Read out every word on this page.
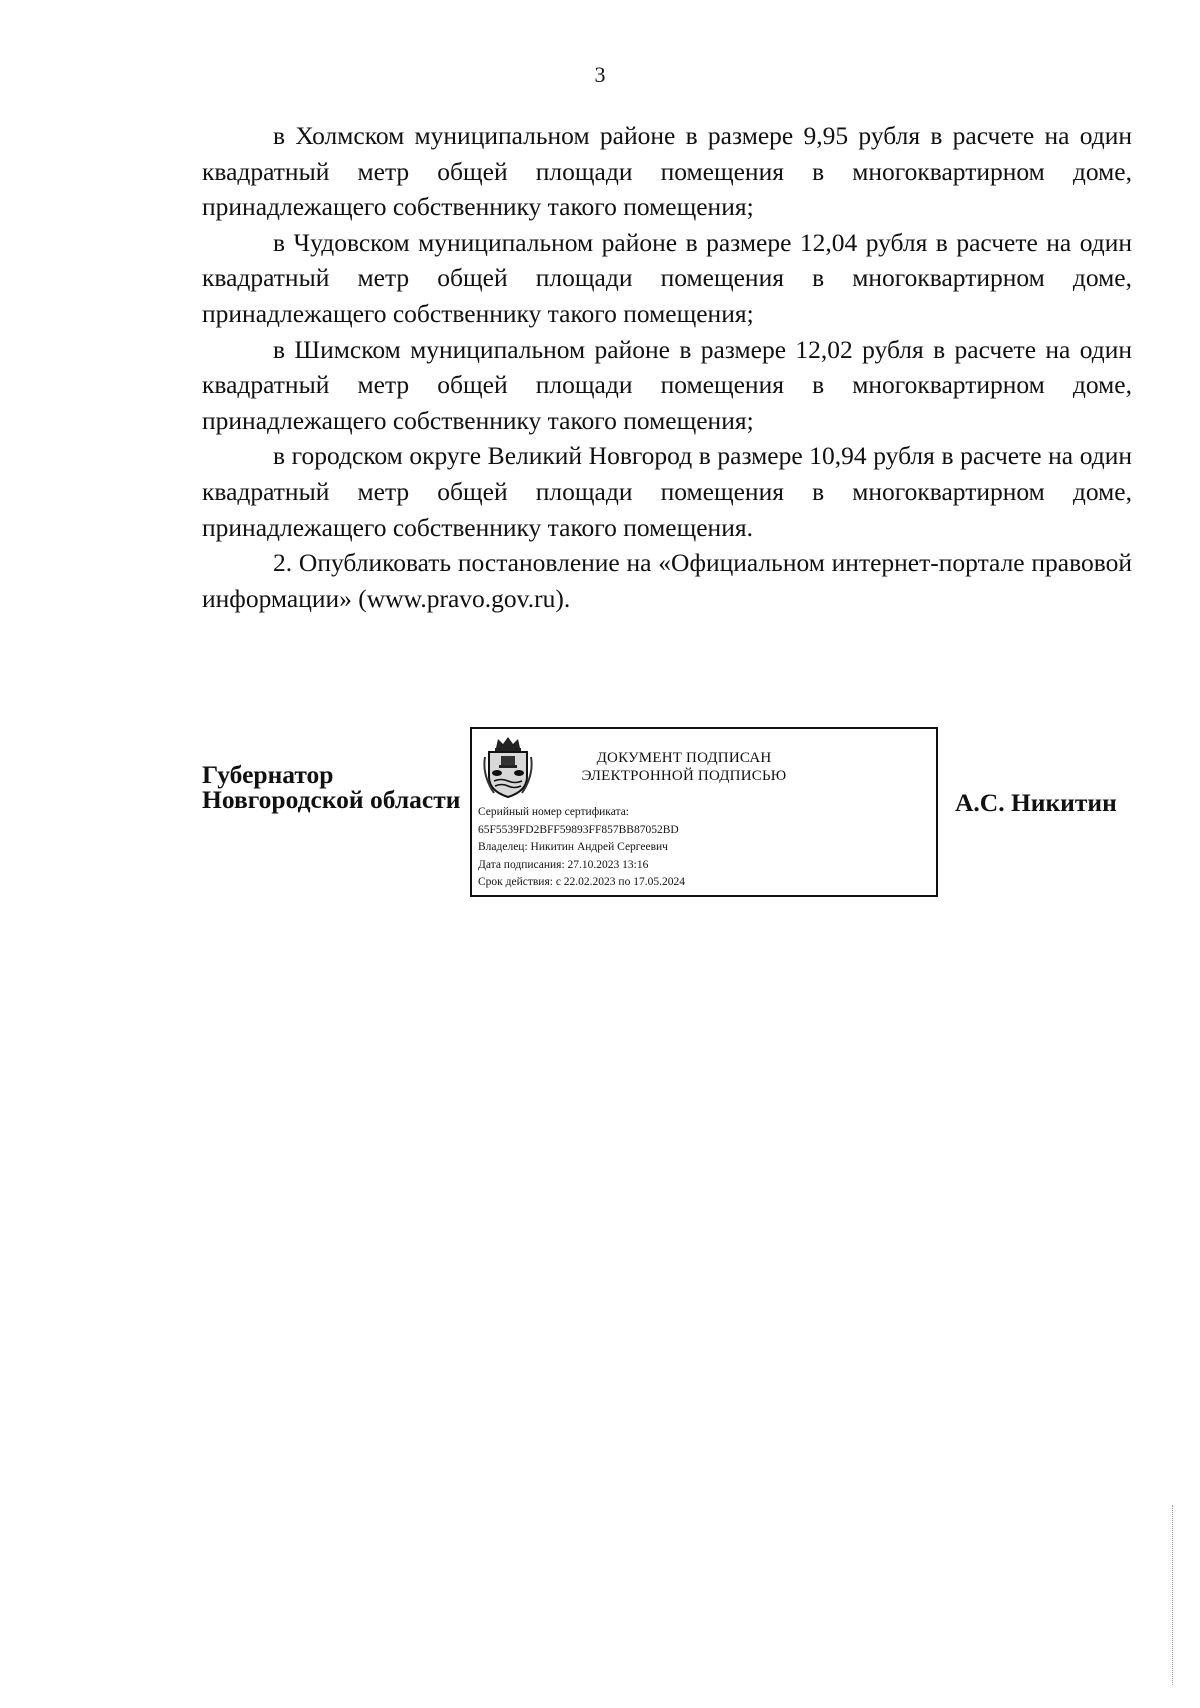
3

в Холмском муниципальном районе в размере 9,95 рубля в расчете на один квадратный метр общей площади помещения в многоквартирном доме, принадлежащего собственнику такого помещения;

в Чудовском муниципальном районе в размере 12,04 рубля в расчете на один квадратный метр общей площади помещения в многоквартирном доме, принадлежащего собственнику такого помещения;

в Шимском муниципальном районе в размере 12,02 рубля в расчете на один квадратный метр общей площади помещения в многоквартирном доме, принадлежащего собственнику такого помещения;

в городском округе Великий Новгород в размере 10,94 рубля в расчете на один квадратный метр общей площади помещения в многоквартирном доме, принадлежащего собственнику такого помещения.

2. Опубликовать постановление на «Официальном интернет-портале правовой информации» (www.pravo.gov.ru).

Губернатор
Новгородской области
ДОКУМЕНТ ПОДПИСАН
ЭЛЕКТРОННОЙ ПОДПИСЬЮ
Серийный номер сертификата:
65F5539FD2BFF59893FF857BB87052BD
Владелец: Никитин Андрей Сергеевич
Дата подписания: 27.10.2023 13:16
Срок действия: с 22.02.2023 по 17.05.2024
А.С. Никитин
